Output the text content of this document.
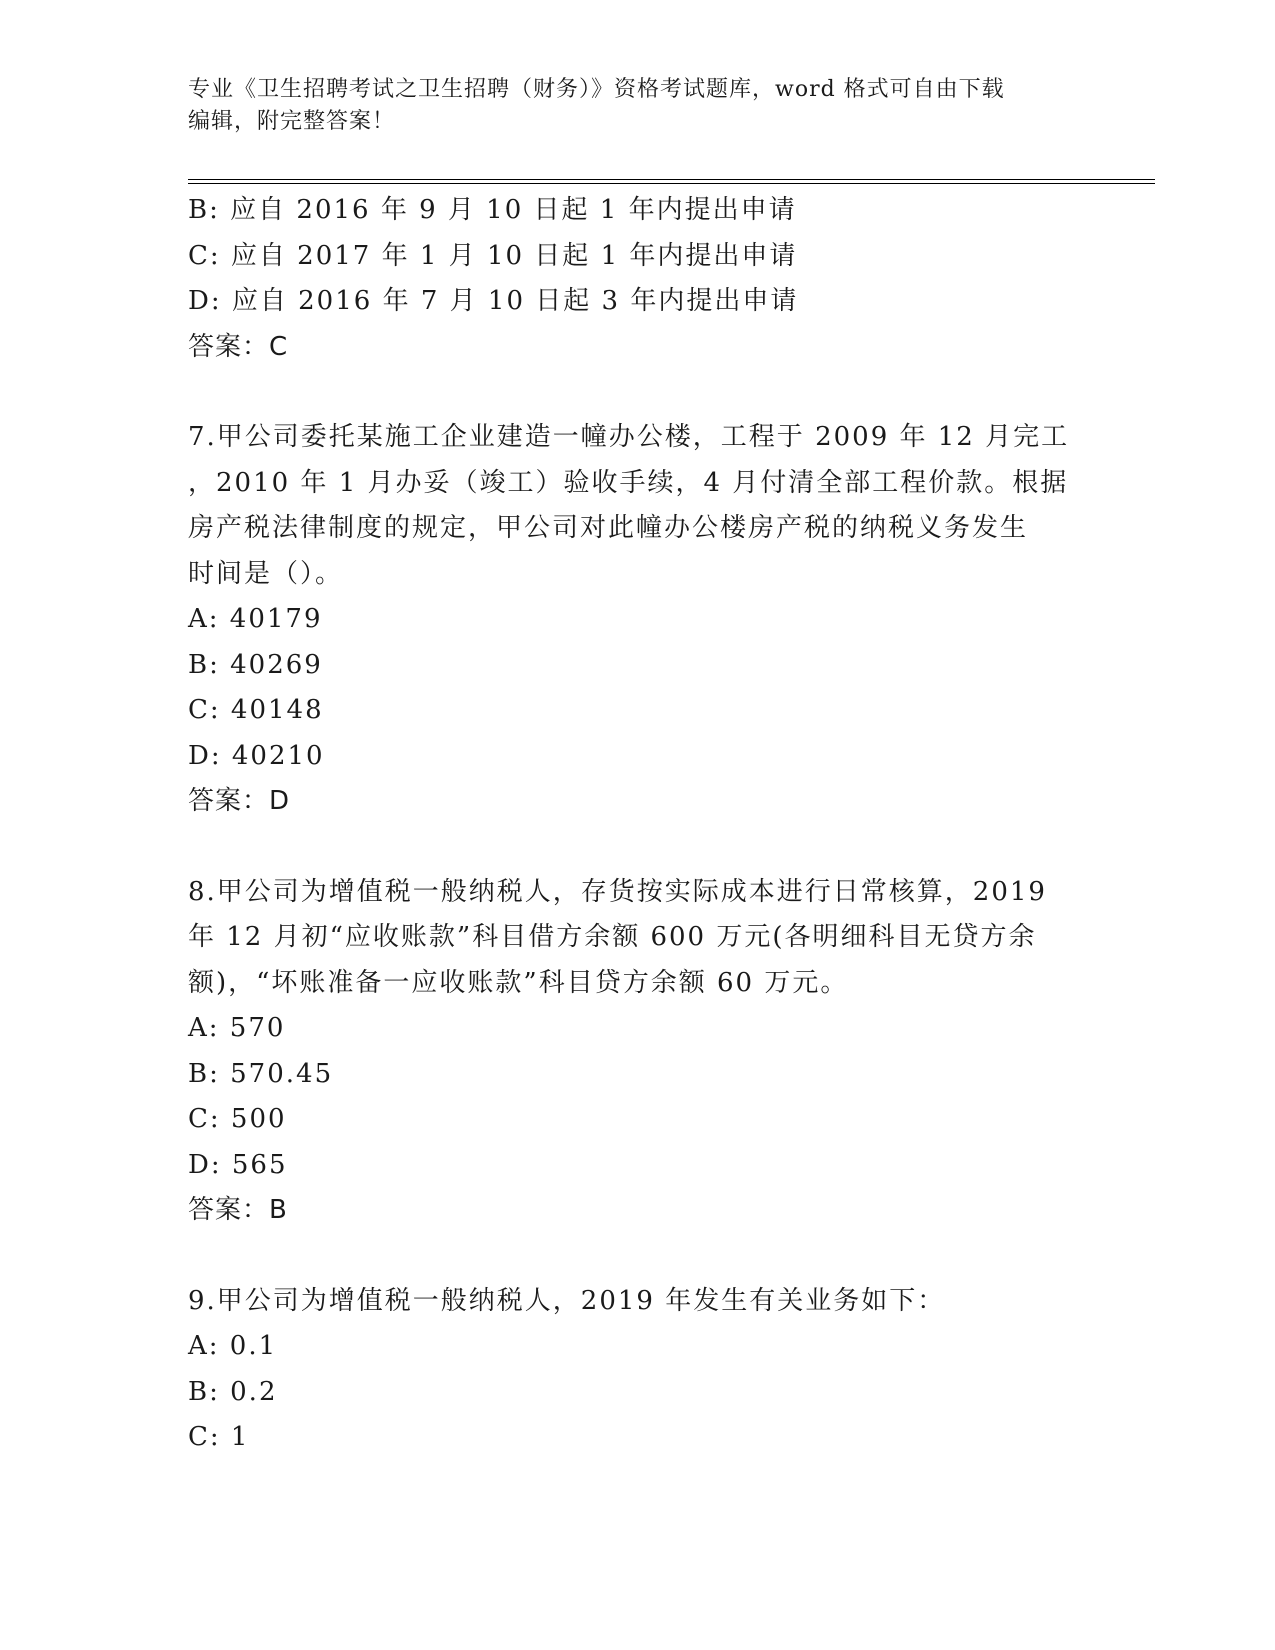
专业《卫生招聘考试之卫生招聘（财务）》资格考试题库，word 格式可自由下载
编辑，附完整答案！
B: 应自 2016 年 9 月 10 日起 1 年内提出申请
C: 应自 2017 年 1 月 10 日起 1 年内提出申请
D: 应自 2016 年 7 月 10 日起 3 年内提出申请
答案：C
7.甲公司委托某施工企业建造一幢办公楼，工程于 2009 年 12 月完工
，2010 年 1 月办妥（竣工）验收手续，4 月付清全部工程价款。根据
房产税法律制度的规定，甲公司对此幢办公楼房产税的纳税义务发生
时间是（）。
A: 40179
B: 40269
C: 40148
D: 40210
答案：D
8.甲公司为增值税一般纳税人，存货按实际成本进行日常核算，2019
年 12 月初“应收账款”科目借方余额 600 万元(各明细科目无贷方余
额)，“坏账准备一应收账款”科目贷方余额 60 万元。
A: 570
B: 570.45
C: 500
D: 565
答案：B
9.甲公司为增值税一般纳税人，2019 年发生有关业务如下：
A: 0.1
B: 0.2
C: 1
